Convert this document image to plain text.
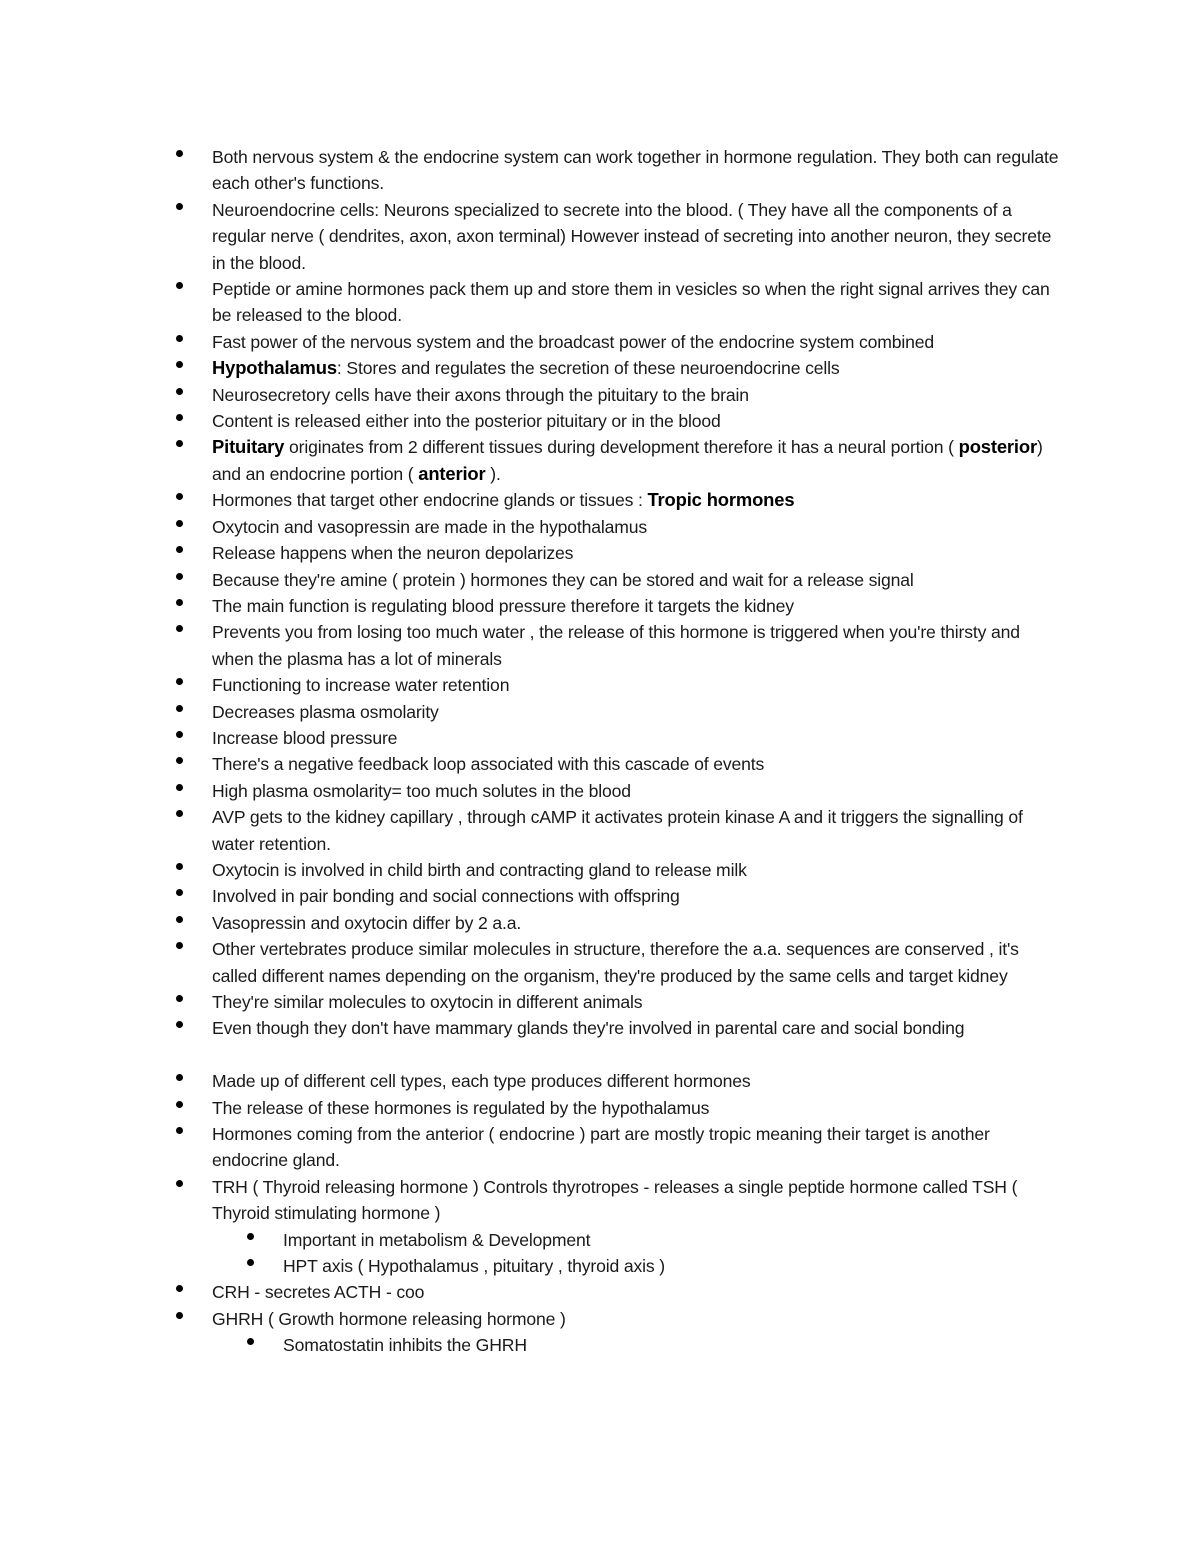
Both nervous system & the endocrine system can work together in hormone regulation. They both can regulate each other's functions.
Neuroendocrine cells: Neurons specialized to secrete into the blood. ( They have all the components of a regular nerve ( dendrites, axon, axon terminal) However instead of secreting into another neuron, they secrete in the blood.
Peptide or amine hormones pack them up and store them in vesicles so when the right signal arrives they can be released to the blood.
Fast power of the nervous system and the broadcast power of the endocrine system combined
Hypothalamus: Stores and regulates the secretion of these neuroendocrine cells
Neurosecretory cells have their axons through the pituitary to the brain
Content is released either into the posterior pituitary or in the blood
Pituitary originates from 2 different tissues during development therefore it has a neural portion ( posterior) and an endocrine portion ( anterior ).
Hormones that target other endocrine glands or tissues : Tropic hormones
Oxytocin and vasopressin are made in the hypothalamus
Release happens when the neuron depolarizes
Because they're amine ( protein ) hormones they can be stored and wait for a release signal
The main function is regulating blood pressure therefore it targets the kidney
Prevents you from losing too much water , the release of this hormone is triggered when you're thirsty and when the plasma has a lot of minerals
Functioning to increase water retention
Decreases plasma osmolarity
Increase blood pressure
There's a negative feedback loop associated with this cascade of events
High plasma osmolarity= too much solutes in the blood
AVP gets to the kidney capillary , through cAMP it activates protein kinase A and it triggers the signalling of water retention.
Oxytocin is involved in child birth and contracting gland to release milk
Involved in pair bonding and social connections with offspring
Vasopressin and oxytocin differ by 2 a.a.
Other vertebrates produce similar molecules in structure, therefore the a.a. sequences are conserved , it's called different names depending on the organism, they're produced by the same cells and target kidney
They're similar molecules to oxytocin in different animals
Even though they don't have mammary glands they're involved in parental care and social bonding
Made up of different cell types, each type produces different hormones
The release of these hormones is regulated by the hypothalamus
Hormones coming from the anterior ( endocrine ) part are mostly tropic meaning their target is another endocrine gland.
TRH ( Thyroid releasing hormone ) Controls thyrotropes - releases a single peptide hormone called TSH ( Thyroid stimulating hormone )
Important in metabolism & Development
HPT axis ( Hypothalamus , pituitary , thyroid axis )
CRH - secretes ACTH - coo
GHRH ( Growth hormone releasing hormone )
Somatostatin inhibits the GHRH
